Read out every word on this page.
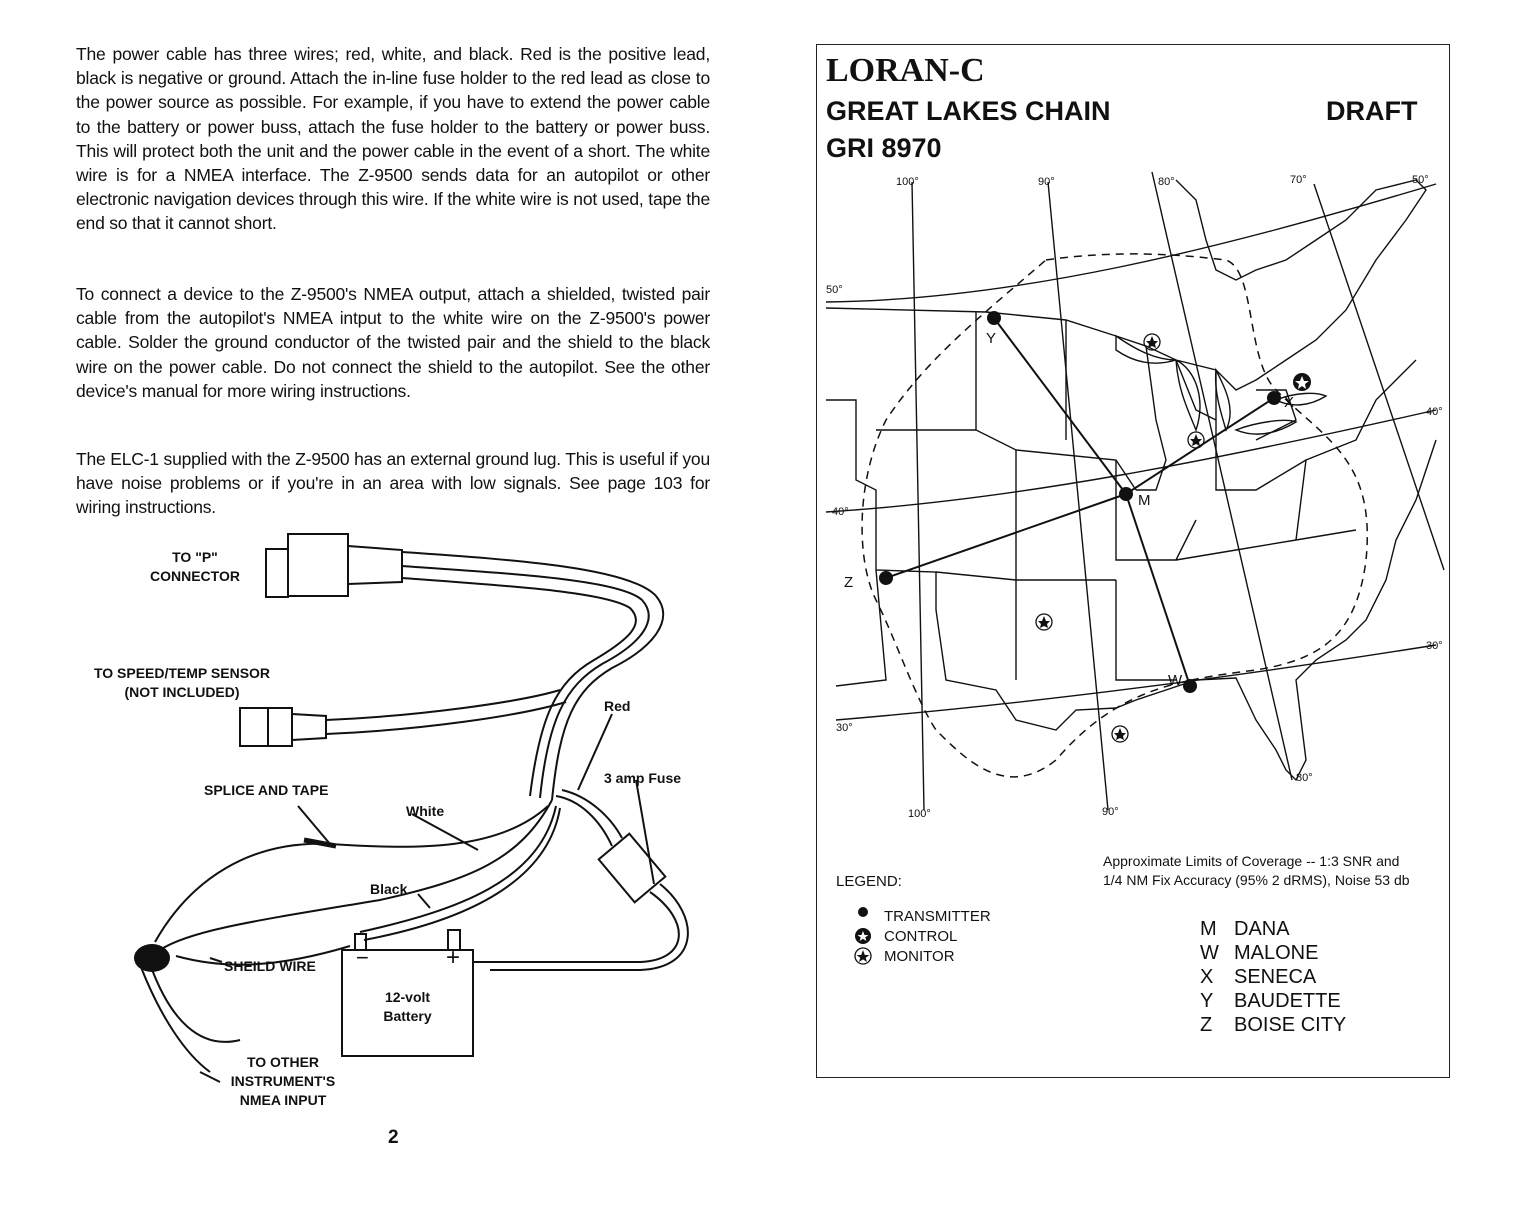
The power cable has three wires; red, white, and black. Red is the positive lead, black is negative or ground. Attach the in-line fuse holder to the red lead as close to the power source as possible. For example, if you have to extend the power cable to the battery or power buss, attach the fuse holder to the battery or power buss. This will protect both the unit and the power cable in the event of a short. The white wire is for a NMEA interface. The Z-9500 sends data for an autopilot or other electronic navigation devices through this wire. If the white wire is not used, tape the end so that it cannot short.

To connect a device to the Z-9500's NMEA output, attach a shielded, twisted pair cable from the autopilot's NMEA intput to the white wire on the Z-9500's power cable. Solder the ground conductor of the twisted pair and the shield to the black wire on the power cable. Do not connect the shield to the autopilot. See the other device's manual for more wiring instructions.

The ELC-1 supplied with the Z-9500 has an external ground lug. This is useful if you have noise problems or if you're in an area with low signals. See page 103 for wiring instructions.

TO "P"
CONNECTOR
TO SPEED/TEMP SENSOR
(NOT INCLUDED)
Red
3 amp Fuse
SPLICE AND TAPE
White
Black
SHEILD WIRE −	+
12-volt
Battery
TO OTHER
INSTRUMENT'S
NMEA INPUT
2
LORAN-C
GREAT LAKES CHAIN	DRAFT
GRI 8970
100°	90°	80°	70°	50°
50°
40°
40°
30°
30°
100°	90°
80°
Y
X
M
Z
W
Approximate Limits of Coverage -- 1:3 SNR and
1/4 NM Fix Accuracy (95% 2 dRMS), Noise 53 db
LEGEND:
TRANSMITTER
CONTROL
MONITOR
M DANA
W MALONE
X SENECA
Y BAUDETTE
Z BOISE CITY
